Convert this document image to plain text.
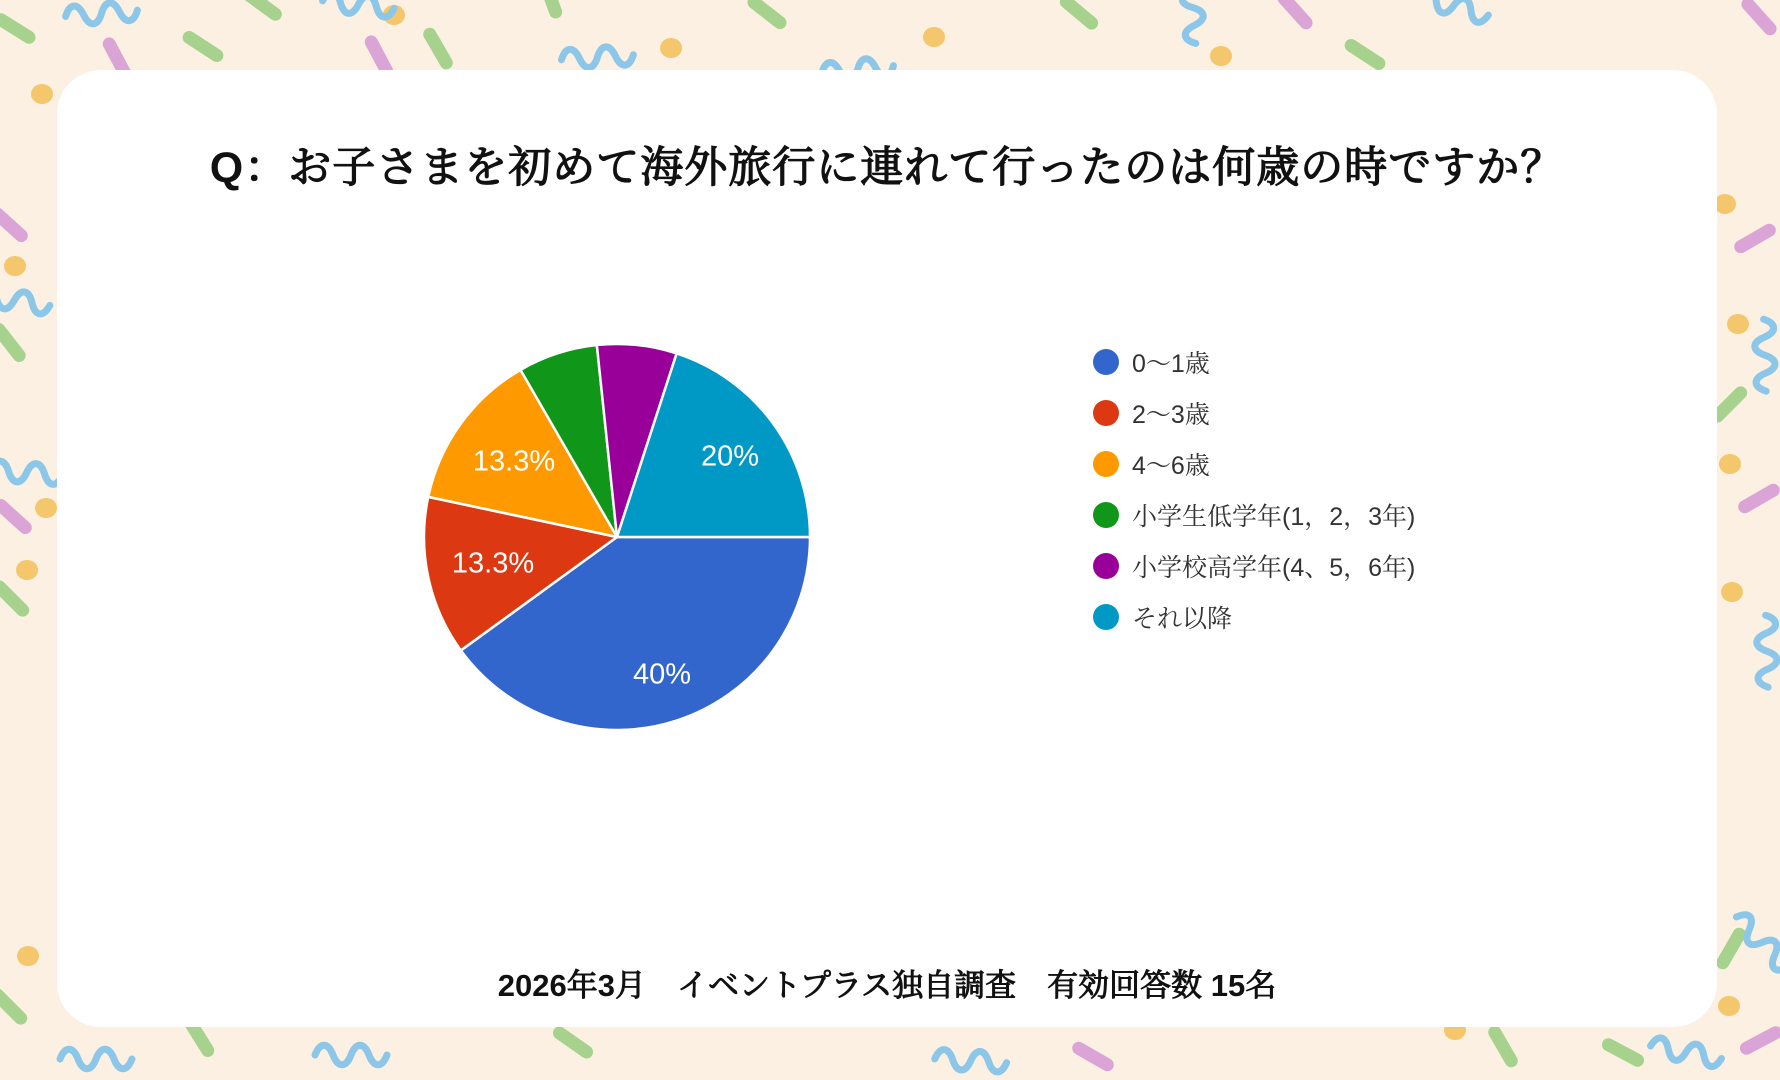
Q：お子さまを初めて海外旅行に連れて行ったのは何歳の時ですか？
40%
13.3%
13.3%	20%
0〜1歳
2〜3歳
4〜6歳
小学生低学年(1，2，3年)
小学校高学年(4、5，6年)
それ以降
2026年3月　イベントプラス独自調査　有効回答数 15名
